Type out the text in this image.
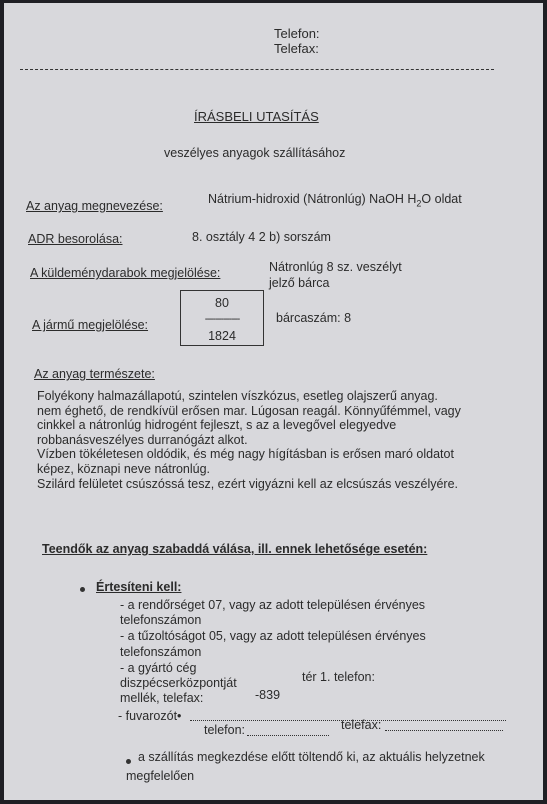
Telefon:
Telefax:
ÍRÁSBELI UTASÍTÁS
veszélyes anyagok szállításához
Az anyag megnevezése:	Nátrium-hidroxid (Nátronlúg) NaOH $H_2O$ oldat
ADR besorolása:	8. osztály 4 2 b) sorszám
A küldeménydarabok megjelölése:	Nátronlúg 8 sz. veszélyt
jelző bárca
80
-------------
1824
A jármű megjelölése:	bárcaszám: 8
Az anyag természete:
Folyékony halmazállapotú, szintelen víszkózus, esetleg olajszerű anyag.
nem éghető, de rendkívül erősen mar. Lúgosan reagál. Könnyűfémmel, vagy
cinkkel a nátronlúg hidrogént fejleszt, s az a levegővel elegyedve
robbanásveszélyes durranógázt alkot.
Vízben tökéletesen oldódik, és még nagy hígításban is erősen maró oldatot
képez, köznapi neve nátronlúg.
Szilárd felületet csúszóssá tesz, ezért vigyázni kell az elcsúszás veszélyére.
Teendők az anyag szabaddá válása, ill. ennek lehetősége esetén:
Értesíteni kell:
- a rendőrséget 07, vagy az adott településen érvényes
telefonszámon
- a tűzoltóságot 05, vagy az adott településen érvényes
telefonszámon
- a gyártó cég
diszpécserközpontját	tér 1. telefon:
mellék, telefax:	-839
- fuvarozót•
telefon:	telefax:
a szállítás megkezdése előtt töltendő ki, az aktuális helyzetnek
megfelelően
